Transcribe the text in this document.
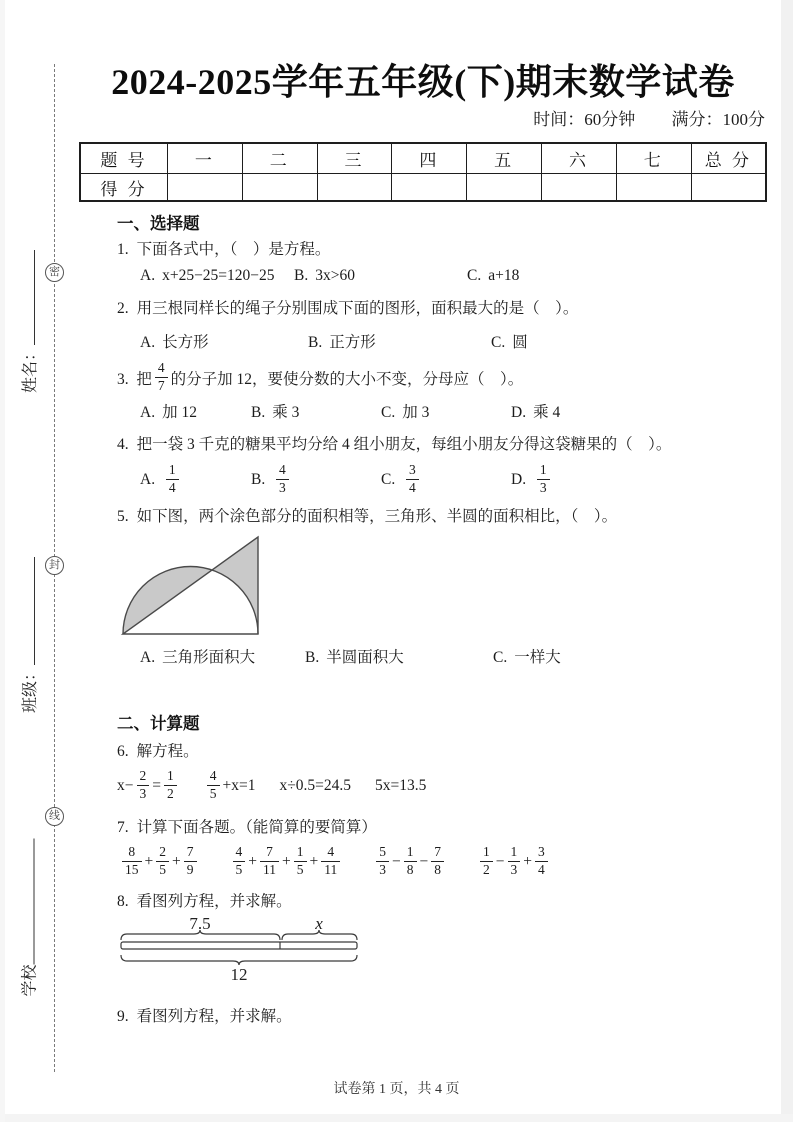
密
封
线
姓名：
班级：
学校
2024-2025学年五年级(下)期末数学试卷
时间：60分钟 满分：100分
题 号	一	二	三	四	五	六	七	总 分
得 分								
一、选择题
1. 下面各式中，（　）是方程。
A. x+25−25=120−25 B. 3x>60	C. a+18
2. 用三根同样长的绳子分别围成下面的图形，面积最大的是（　）。
A. 长方形	B. 正方形	C. 圆
3.  把 $\frac{4}{7}$ 的分子加 12，要使分数的大小不变，分母应（　）。
A. 加 12	B. 乘 3	C. 加 3	D. 乘 4
4. 把一袋 3 千克的糖果平均分给 4 组小朋友，每组小朋友分得这袋糖果的（　）。
A. $\frac{1}{4}$	B. $\frac{4}{3}$	C. $\frac{3}{4}$	D. $\frac{1}{3}$
5. 如下图，两个涂色部分的面积相等，三角形、半圆的面积相比，（　）。
A. 三角形面积大	B. 半圆面积大	C. 一样大
二、计算题
6. 解方程。
$x- \frac{2}{3} = \frac{1}{2} \frac{4}{5} +x=1$ x÷0.5=24.5 5x=13.5
7. 计算下面各题。（能简算的要简算）
$\frac{8}{15} + \frac{2}{5} + \frac{7}{9}$	$\frac{4}{5} + \frac{7}{11} + \frac{1}{5} + \frac{4}{11}$	$\frac{5}{3} - \frac{1}{8} - \frac{7}{8}$	$\frac{1}{2} - \frac{1}{3} + \frac{3}{4}$
8. 看图列方程，并求解。
7.5	x
12
9. 看图列方程，并求解。
试卷第 1 页，共 4 页
